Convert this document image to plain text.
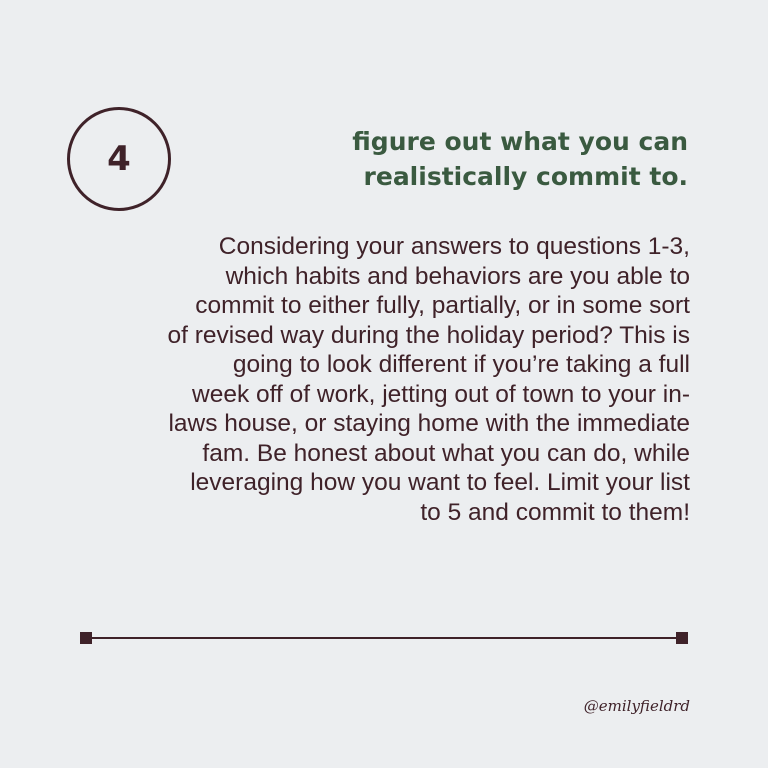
4	figure out what you can
realistically commit to.
Considering your answers to questions 1-3,
which habits and behaviors are you able to
commit to either fully, partially, or in some sort
of revised way during the holiday period? This is
going to look different if you’re taking a full
week off of work, jetting out of town to your in-
laws house, or staying home with the immediate
fam. Be honest about what you can do, while
leveraging how you want to feel. Limit your list
to 5 and commit to them!
@emilyfieldrd
